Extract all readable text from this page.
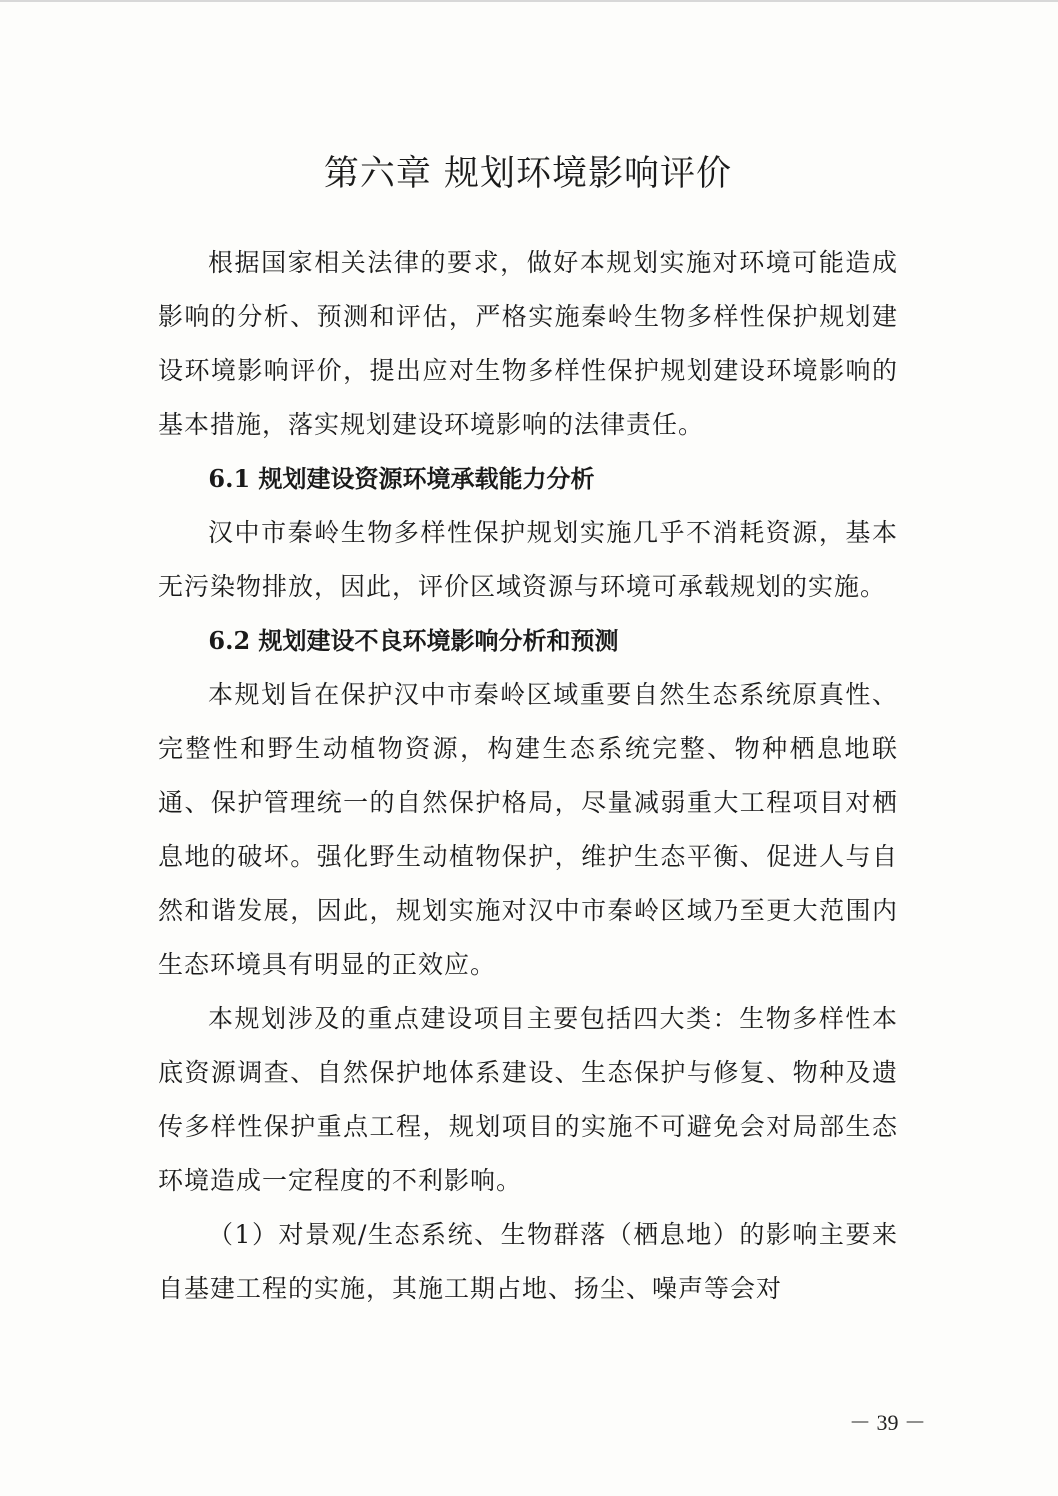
第六章 规划环境影响评价

根据国家相关法律的要求，做好本规划实施对环境可能造成影响的分析、预测和评估，严格实施秦岭生物多样性保护规划建设环境影响评价，提出应对生物多样性保护规划建设环境影响的基本措施，落实规划建设环境影响的法律责任。

6.1 规划建设资源环境承载能力分析

汉中市秦岭生物多样性保护规划实施几乎不消耗资源，基本无污染物排放，因此，评价区域资源与环境可承载规划的实施。

6.2 规划建设不良环境影响分析和预测

本规划旨在保护汉中市秦岭区域重要自然生态系统原真性、完整性和野生动植物资源，构建生态系统完整、物种栖息地联通、保护管理统一的自然保护格局，尽量减弱重大工程项目对栖息地的破坏。强化野生动植物保护，维护生态平衡、促进人与自然和谐发展，因此，规划实施对汉中市秦岭区域乃至更大范围内生态环境具有明显的正效应。

本规划涉及的重点建设项目主要包括四大类：生物多样性本底资源调查、自然保护地体系建设、生态保护与修复、物种及遗传多样性保护重点工程，规划项目的实施不可避免会对局部生态环境造成一定程度的不利影响。

（1）对景观/生态系统、生物群落（栖息地）的影响主要来自基建工程的实施，其施工期占地、扬尘、噪声等会对

－ 39 －
